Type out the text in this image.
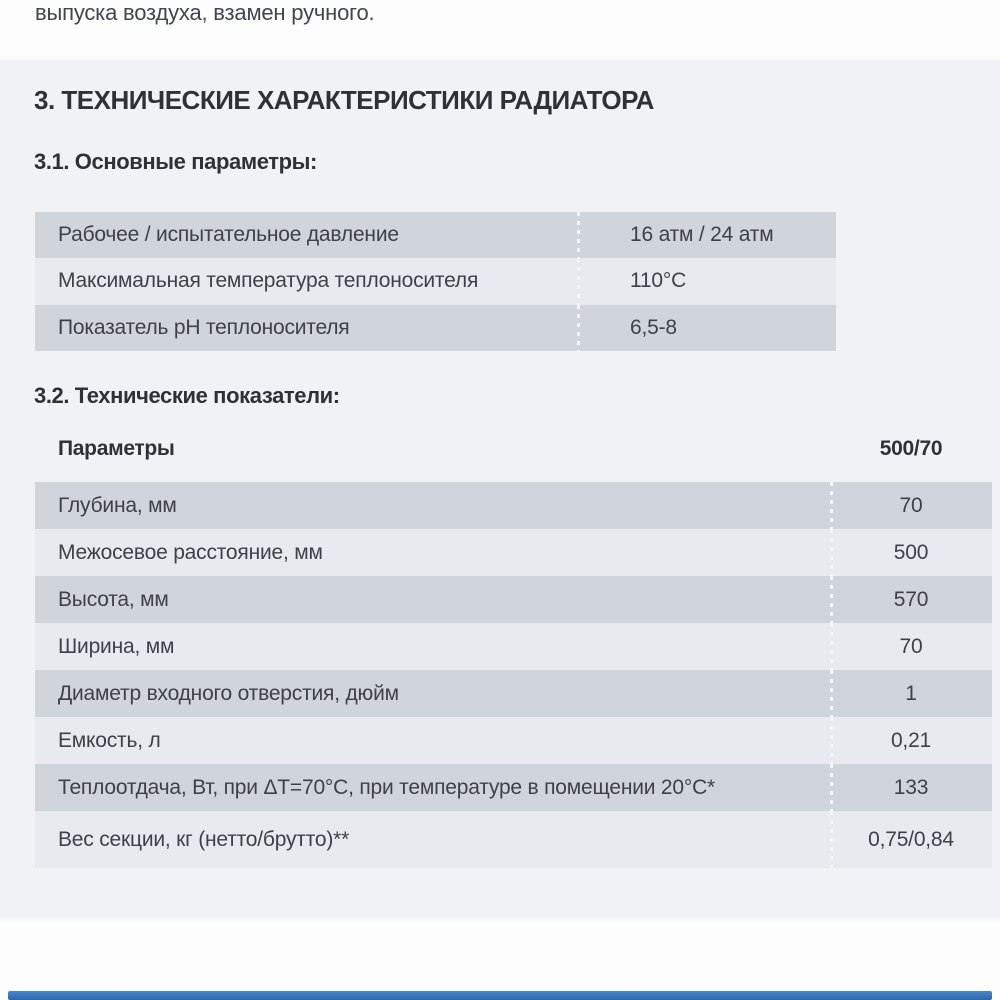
выпуска воздуха, взамен ручного.
3. ТЕХНИЧЕСКИЕ ХАРАКТЕРИСТИКИ РАДИАТОРА
3.1. Основные параметры:
Рабочее / испытательное давление	16 атм / 24 атм
Максимальная температура теплоносителя	110°С
Показатель pH теплоносителя	6,5-8
3.2. Технические показатели:
Параметры	500/70
Глубина, мм	70
Межосевое расстояние, мм	500
Высота, мм	570
Ширина, мм	70
Диаметр входного отверстия, дюйм	1
Емкость, л	0,21
Теплоотдача, Вт, при ΔТ=70°С, при температуре в помещении 20°С*	133
Вес секции, кг (нетто/брутто)**	0,75/0,84
